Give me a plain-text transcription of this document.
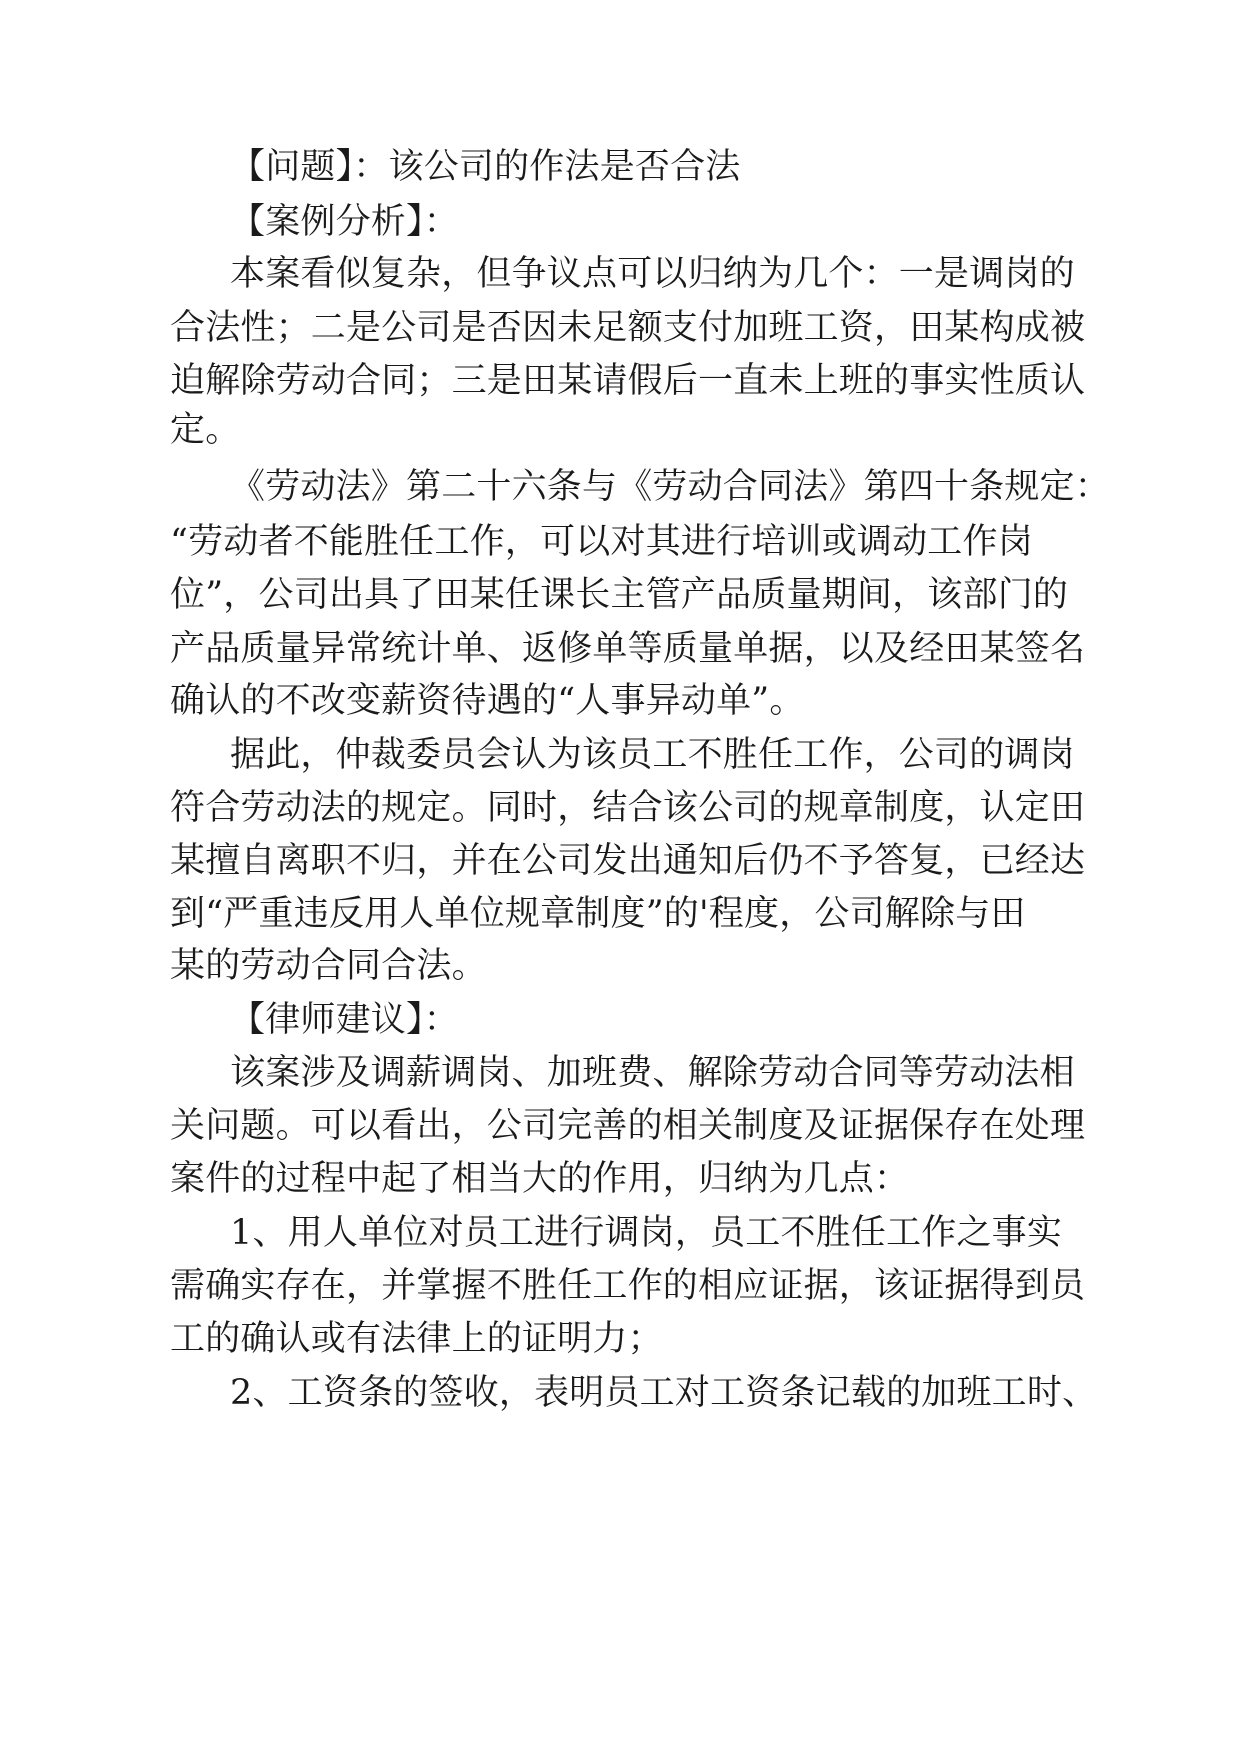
【问题】：该公司的作法是否合法
【案例分析】：
本案看似复杂，但争议点可以归纳为几个：一是调岗的
合法性；二是公司是否因未足额支付加班工资，田某构成被
迫解除劳动合同；三是田某请假后一直未上班的事实性质认
定。
《劳动法》第二十六条与《劳动合同法》第四十条规定：
“劳动者不能胜任工作，可以对其进行培训或调动工作岗
位”，公司出具了田某任课长主管产品质量期间，该部门的
产品质量异常统计单、返修单等质量单据，以及经田某签名
确认的不改变薪资待遇的“人事异动单”。
据此，仲裁委员会认为该员工不胜任工作，公司的调岗
符合劳动法的规定。同时，结合该公司的规章制度，认定田
某擅自离职不归，并在公司发出通知后仍不予答复，已经达
到“严重违反用人单位规章制度”的'程度，公司解除与田
某的劳动合同合法。
【律师建议】：
该案涉及调薪调岗、加班费、解除劳动合同等劳动法相
关问题。可以看出，公司完善的相关制度及证据保存在处理
案件的过程中起了相当大的作用，归纳为几点：
1、用人单位对员工进行调岗，员工不胜任工作之事实
需确实存在，并掌握不胜任工作的相应证据，该证据得到员
工的确认或有法律上的证明力；
2、工资条的签收，表明员工对工资条记载的加班工时、
